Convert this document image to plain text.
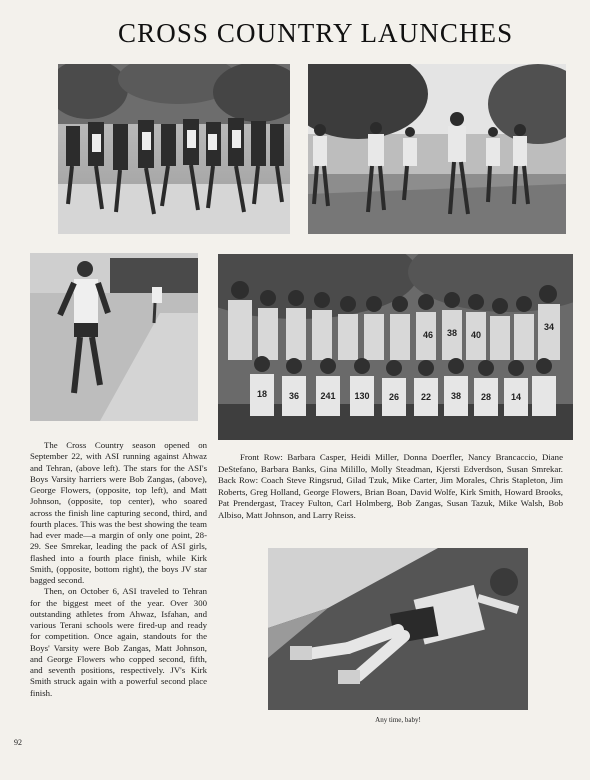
CROSS COUNTRY LAUNCHES
18 36 241 130 26 22 38 28 14
46 38 40
34

The Cross Country season opened on September 22, with ASI running against Ahwaz and Tehran, (above left). The stars for the ASI's Boys Varsity harriers were Bob Zangas, (above), George Flowers, (opposite, top left), and Matt Johnson, (opposite, top center), who soared across the finish line capturing second, third, and fourth places. This was the best showing the team had ever made—a margin of only one point, 28-29. See Smrekar, leading the pack of ASI girls, flashed into a fourth place finish, while Kirk Smith, (opposite, bottom right), the boys JV star bagged second.

Then, on October 6, ASI traveled to Tehran for the biggest meet of the year. Over 300 outstanding athletes from Ahwaz, Isfahan, and various Terani schools were fired-up and ready for competition. Once again, standouts for the Boys' Varsity were Bob Zangas, Matt Johnson, and George Flowers who copped second, fifth, and seventh positions, respectively. JV's Kirk Smith struck again with a powerful second place finish.

Front Row: Barbara Casper, Heidi Miller, Donna Doerfler, Nancy Brancaccio, Diane DeStefano, Barbara Banks, Gina Milillo, Molly Steadman, Kjersti Edverdson, Susan Smrekar. Back Row: Coach Steve Ringsrud, Gilad Tzuk, Mike Carter, Jim Morales, Chris Stapleton, Jim Roberts, Greg Holland, George Flowers, Brian Boan, David Wolfe, Kirk Smith, Howard Brooks, Pat Prendergast, Tracey Fulton, Carl Holmberg, Bob Zangas, Susan Tazuk, Mike Walsh, Bob Albiso, Matt Johnson, and Larry Reiss.

Any time, baby!
92
